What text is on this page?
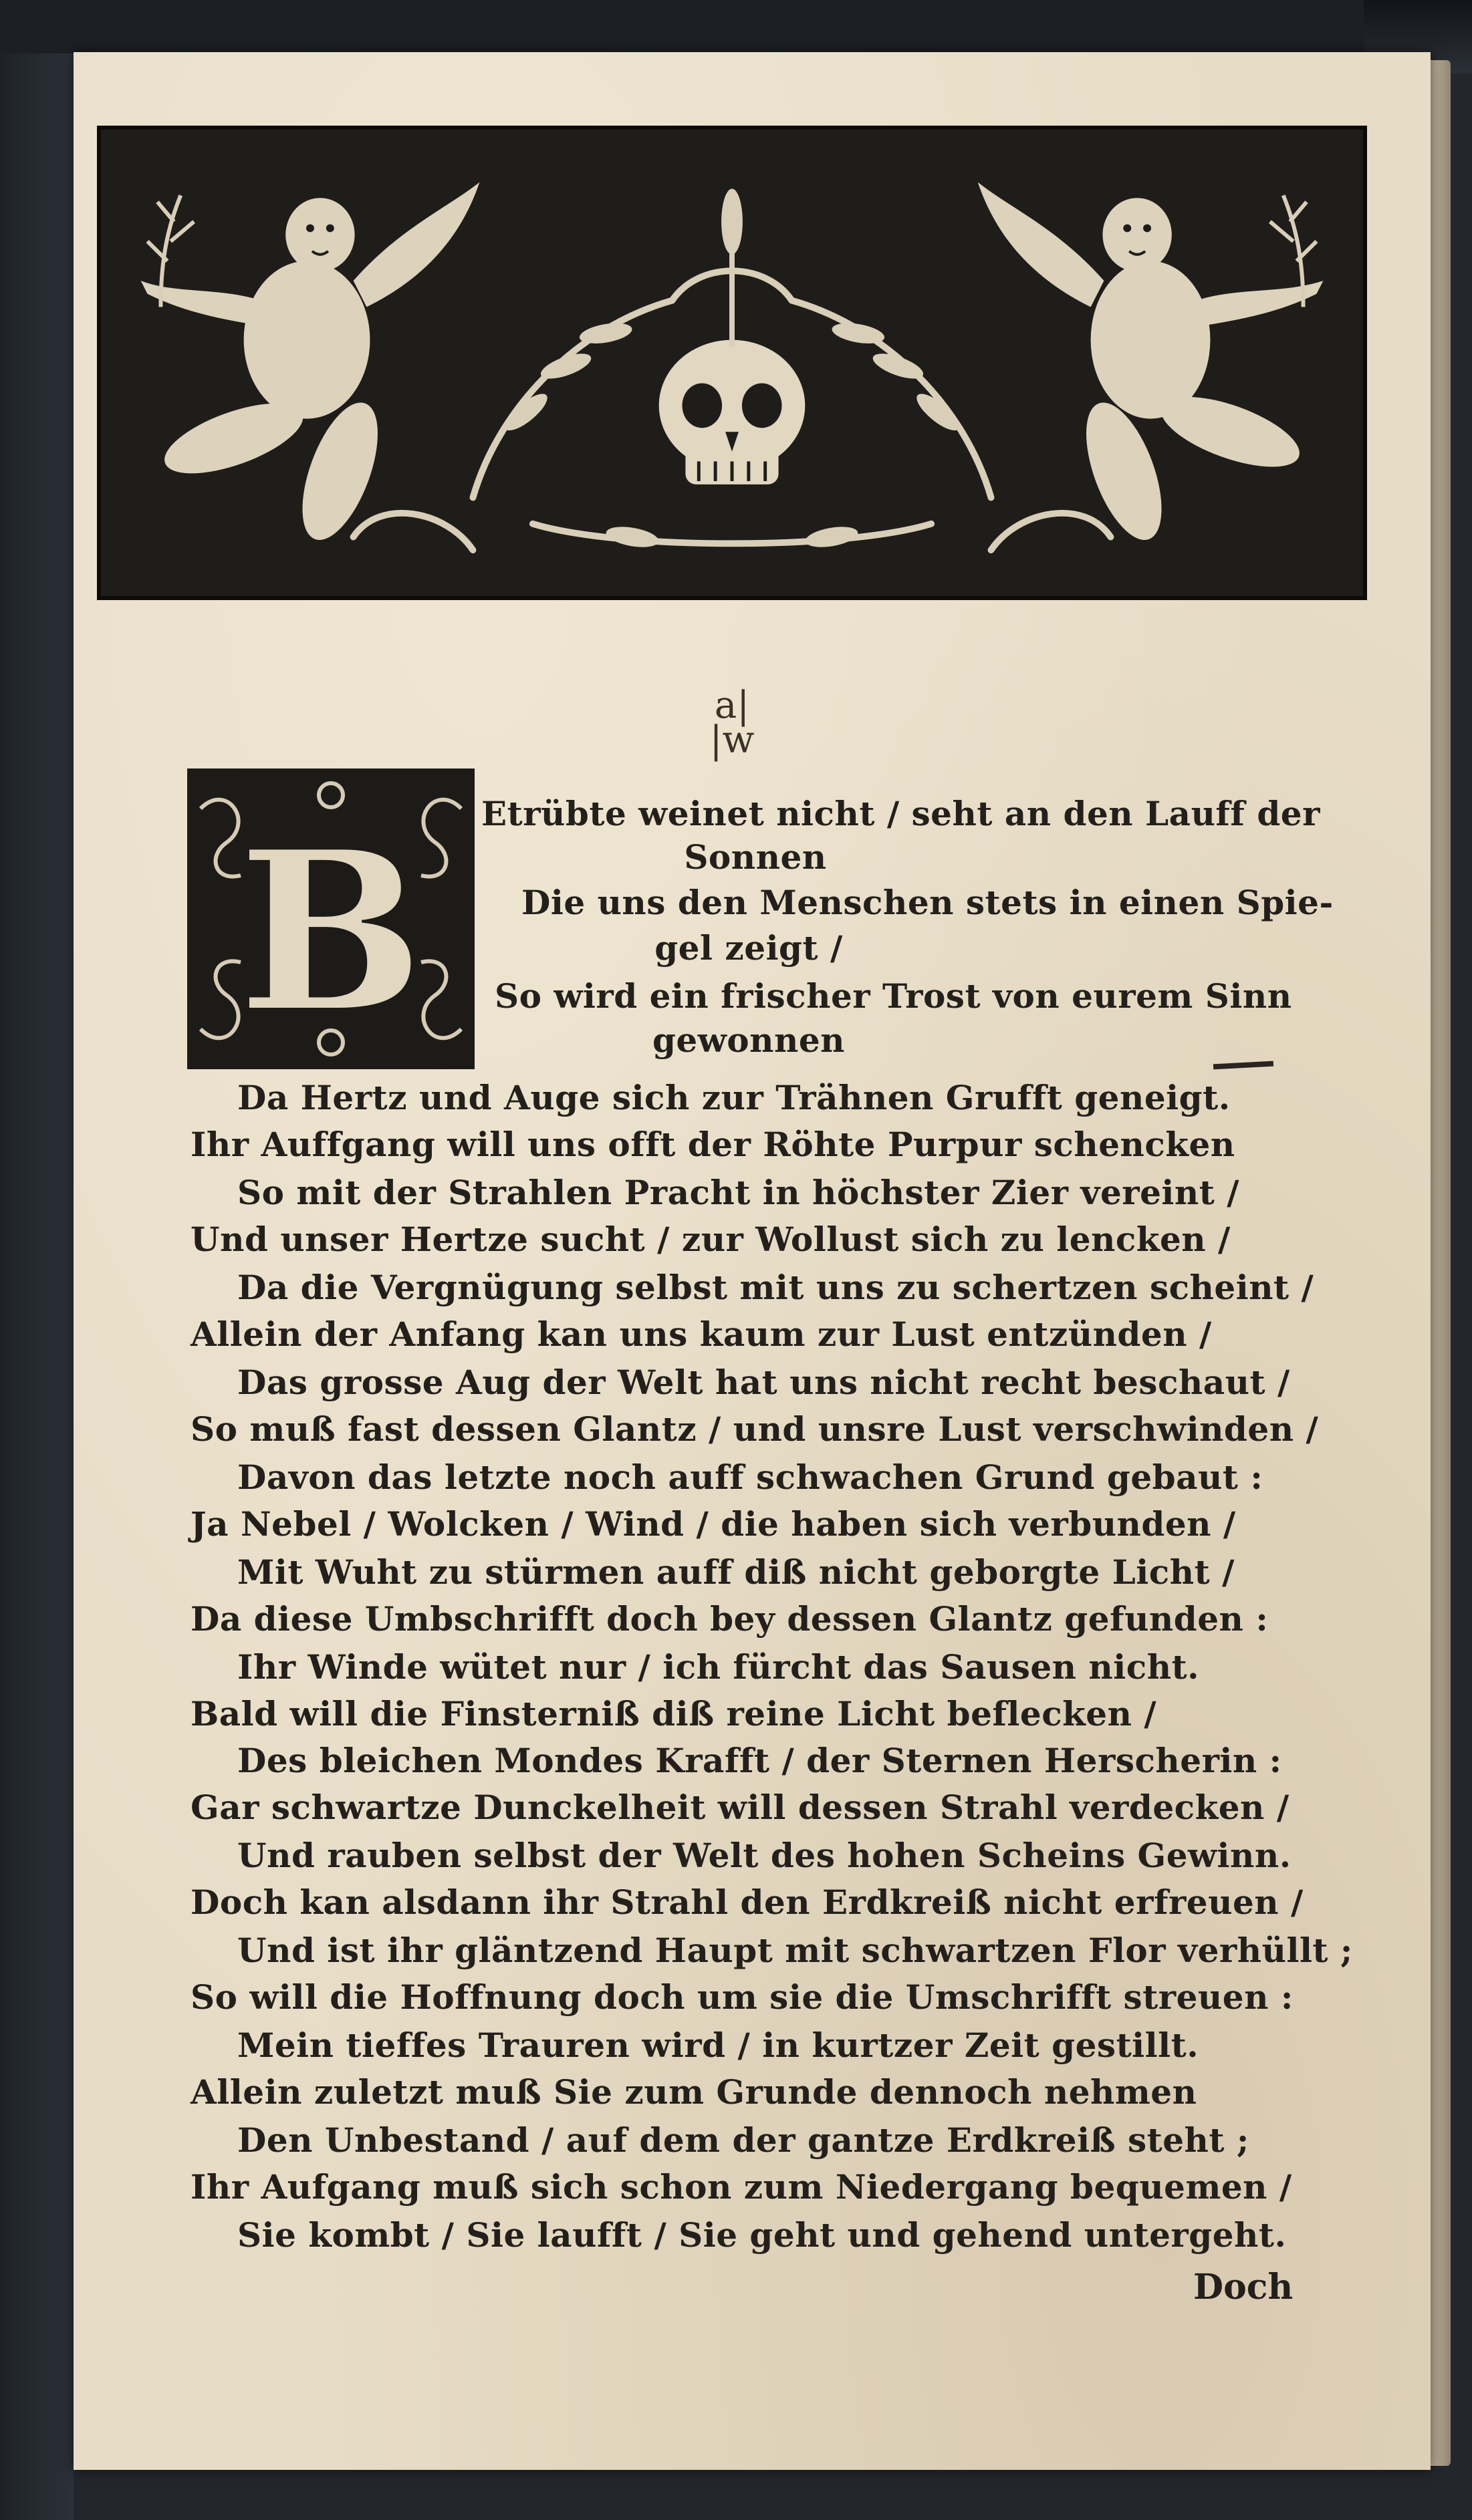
a|
|w
B Etrübte weinet nicht / seht an den Lauff der
Sonnen
Die uns den Menschen stets in einen Spie-
gel zeigt /
So wird ein frischer Trost von eurem Sinn
gewonnen
Da Hertz und Auge sich zur Trähnen Grufft geneigt.
Ihr Auffgang will uns offt der Röhte Purpur schencken
So mit der Strahlen Pracht in höchster Zier vereint /
Und unser Hertze sucht / zur Wollust sich zu lencken /
Da die Vergnügung selbst mit uns zu schertzen scheint /
Allein der Anfang kan uns kaum zur Lust entzünden /
Das grosse Aug der Welt hat uns nicht recht beschaut /
So muß fast dessen Glantz / und unsre Lust verschwinden /
Davon das letzte noch auff schwachen Grund gebaut :
Ja Nebel / Wolcken / Wind / die haben sich verbunden /
Mit Wuht zu stürmen auff diß nicht geborgte Licht /
Da diese Umbschrifft doch bey dessen Glantz gefunden :
Ihr Winde wütet nur / ich fürcht das Sausen nicht.
Bald will die Finsterniß diß reine Licht beflecken /
Des bleichen Mondes Krafft / der Sternen Herscherin :
Gar schwartze Dunckelheit will dessen Strahl verdecken /
Und rauben selbst der Welt des hohen Scheins Gewinn.
Doch kan alsdann ihr Strahl den Erdkreiß nicht erfreuen /
Und ist ihr gläntzend Haupt mit schwartzen Flor verhüllt ;
So will die Hoffnung doch um sie die Umschrifft streuen :
Mein tieffes Trauren wird / in kurtzer Zeit gestillt.
Allein zuletzt muß Sie zum Grunde dennoch nehmen
Den Unbestand / auf dem der gantze Erdkreiß steht ;
Ihr Aufgang muß sich schon zum Niedergang bequemen /
Sie kombt / Sie laufft / Sie geht und gehend untergeht.
Doch
